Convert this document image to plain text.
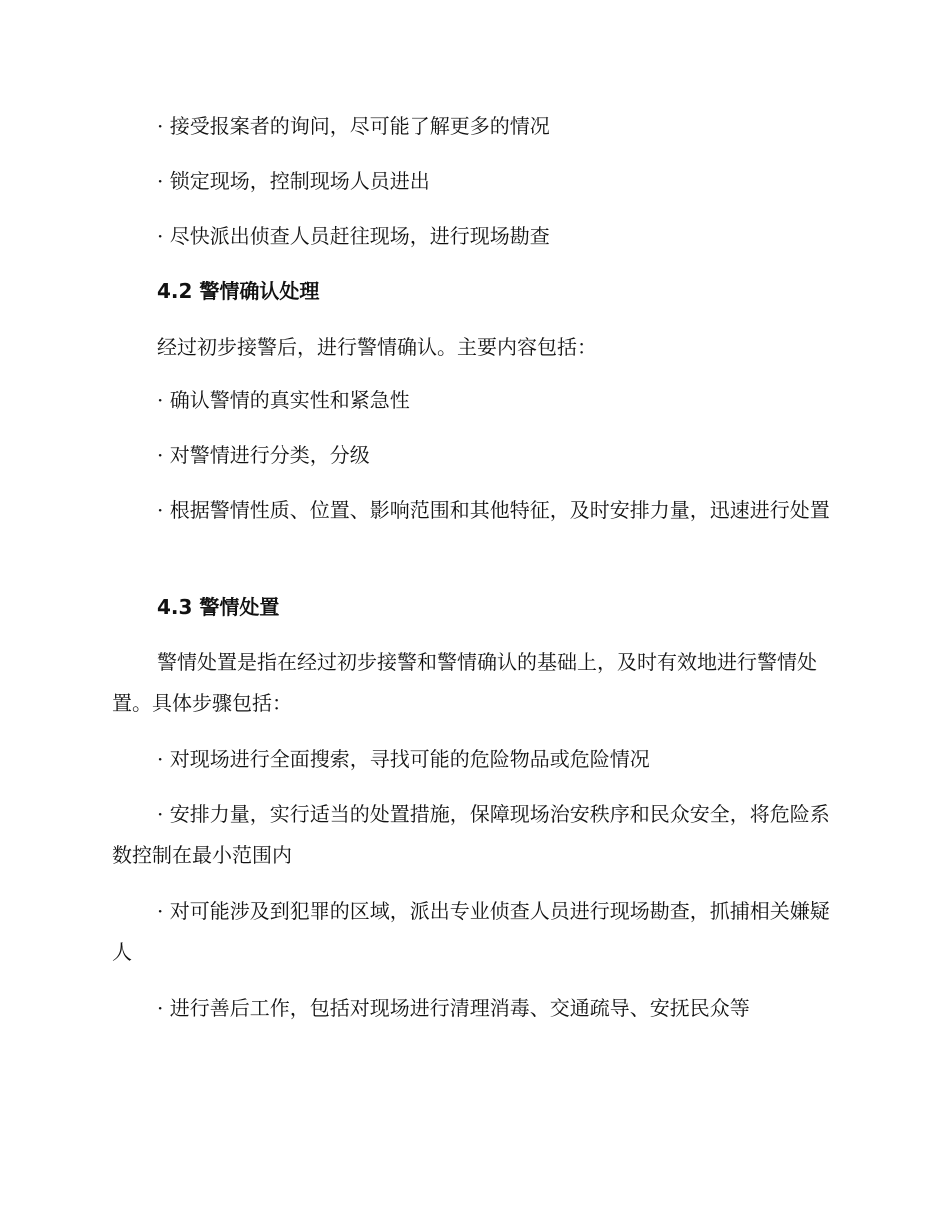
· 接受报案者的询问，尽可能了解更多的情况

· 锁定现场，控制现场人员进出

· 尽快派出侦查人员赶往现场，进行现场勘查

4.2 警情确认处理

经过初步接警后，进行警情确认。主要内容包括：

· 确认警情的真实性和紧急性

· 对警情进行分类，分级

· 根据警情性质、位置、影响范围和其他特征，及时安排力量，迅速进行处置

4.3 警情处置

警情处置是指在经过初步接警和警情确认的基础上，及时有效地进行警情处置。具体步骤包括：

· 对现场进行全面搜索，寻找可能的危险物品或危险情况

· 安排力量，实行适当的处置措施，保障现场治安秩序和民众安全，将危险系数控制在最小范围内

· 对可能涉及到犯罪的区域，派出专业侦查人员进行现场勘查，抓捕相关嫌疑人

· 进行善后工作，包括对现场进行清理消毒、交通疏导、安抚民众等
